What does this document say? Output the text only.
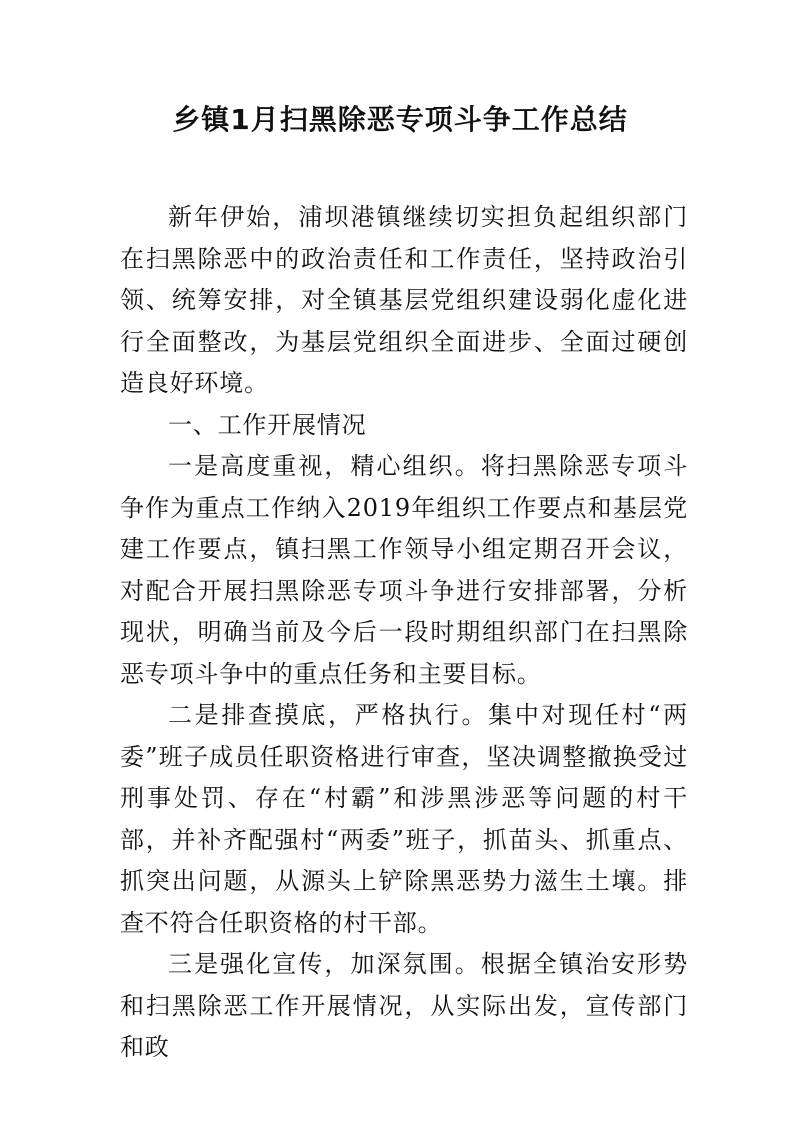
乡镇1月扫黑除恶专项斗争工作总结

新年伊始，浦坝港镇继续切实担负起组织部门在扫黑除恶中的政治责任和工作责任，坚持政治引领、统筹安排，对全镇基层党组织建设弱化虚化进行全面整改，为基层党组织全面进步、全面过硬创造良好环境。

一、工作开展情况

一是高度重视，精心组织。将扫黑除恶专项斗争作为重点工作纳入2019年组织工作要点和基层党建工作要点，镇扫黑工作领导小组定期召开会议，对配合开展扫黑除恶专项斗争进行安排部署，分析现状，明确当前及今后一段时期组织部门在扫黑除恶专项斗争中的重点任务和主要目标。

二是排查摸底，严格执行。集中对现任村“两委”班子成员任职资格进行审查，坚决调整撤换受过刑事处罚、存在“村霸”和涉黑涉恶等问题的村干部，并补齐配强村“两委”班子，抓苗头、抓重点、抓突出问题，从源头上铲除黑恶势力滋生土壤。排查不符合任职资格的村干部。

三是强化宣传，加深氛围。根据全镇治安形势和扫黑除恶工作开展情况，从实际出发，宣传部门和政
